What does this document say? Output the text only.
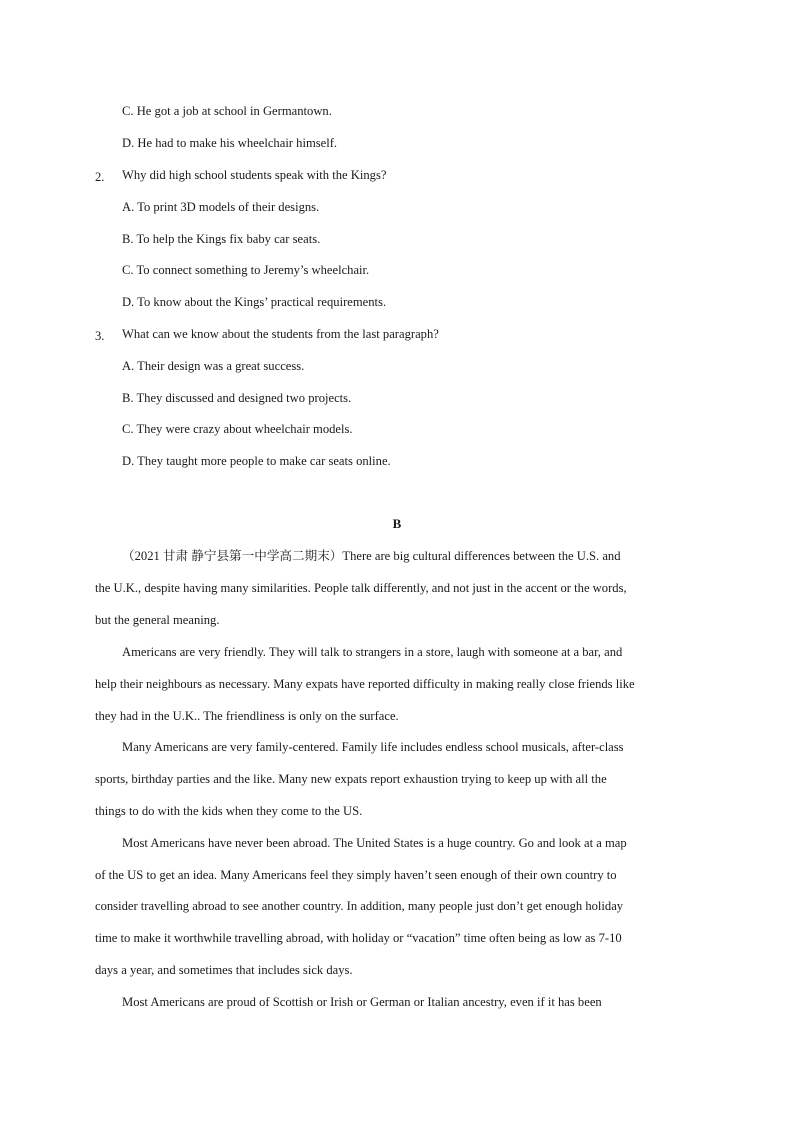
C. He got a job at school in Germantown.
D. He had to make his wheelchair himself.
2. Why did high school students speak with the Kings?
A. To print 3D models of their designs.
B. To help the Kings fix baby car seats.
C. To connect something to Jeremy’s wheelchair.
D. To know about the Kings’ practical requirements.
3. What can we know about the students from the last paragraph?
A. Their design was a great success.
B. They discussed and designed two projects.
C. They were crazy about wheelchair models.
D. They taught more people to make car seats online.
B
（2021 甘肃 静宁县第一中学高二期末）There are big cultural differences between the U.S. and
the U.K., despite having many similarities. People talk differently, and not just in the accent or the words,
but the general meaning.
Americans are very friendly. They will talk to strangers in a store, laugh with someone at a bar, and
help their neighbours as necessary. Many expats have reported difficulty in making really close friends like
they had in the U.K.. The friendliness is only on the surface.
Many Americans are very family-centered. Family life includes endless school musicals, after-class
sports, birthday parties and the like. Many new expats report exhaustion trying to keep up with all the
things to do with the kids when they come to the US.
Most Americans have never been abroad. The United States is a huge country. Go and look at a map
of the US to get an idea. Many Americans feel they simply haven’t seen enough of their own country to
consider travelling abroad to see another country. In addition, many people just don’t get enough holiday
time to make it worthwhile travelling abroad, with holiday or “vacation” time often being as low as 7-10
days a year, and sometimes that includes sick days.
Most Americans are proud of Scottish or Irish or German or Italian ancestry, even if it has been
